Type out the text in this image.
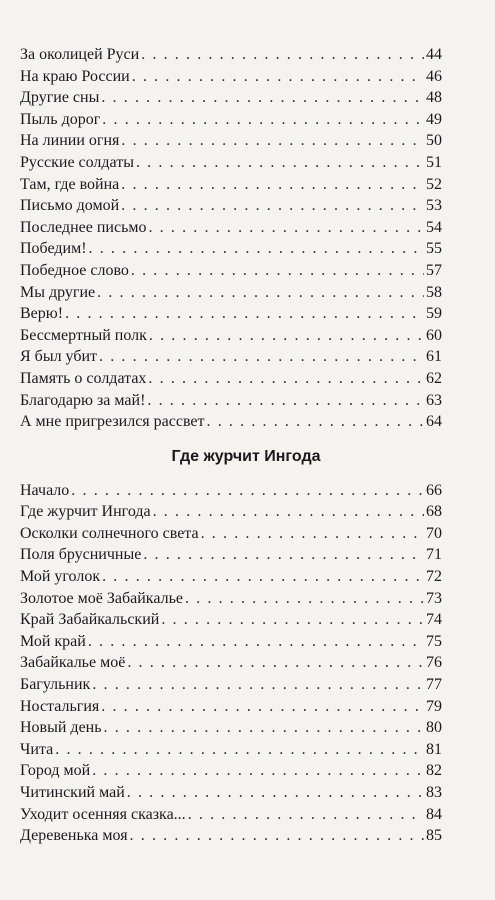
За околицей Руси . . .	44
На краю России . . .	46
Другие сны . . .	48
Пыль дорог . . .	49
На линии огня . . .	50
Русские солдаты . . .	51
Там, где война . . .	52
Письмо домой . . .	53
Последнее письмо . . .	54
Победим! . . .	55
Победное слово . . .	57
Мы другие . . .	58
Верю! . . .	59
Бессмертный полк . . .	60
Я был убит . . .	61
Память о солдатах . . .	62
Благодарю за май! . . .	63
А мне пригрезился рассвет . . .	64
Где журчит Ингода
Начало . . .	66
Где журчит Ингода . . .	68
Осколки солнечного света . . .	70
Поля брусничные . . .	71
Мой уголок . . .	72
Золотое моё Забайкалье . . .	73
Край Забайкальский . . .	74
Мой край . . .	75
Забайкалье моё . . .	76
Багульник . . .	77
Ностальгия . . .	79
Новый день . . .	80
Чита . . .	81
Город мой . . .	82
Читинский май . . .	83
Уходит осенняя сказка... . . .	84
Деревенька моя . . .	85
